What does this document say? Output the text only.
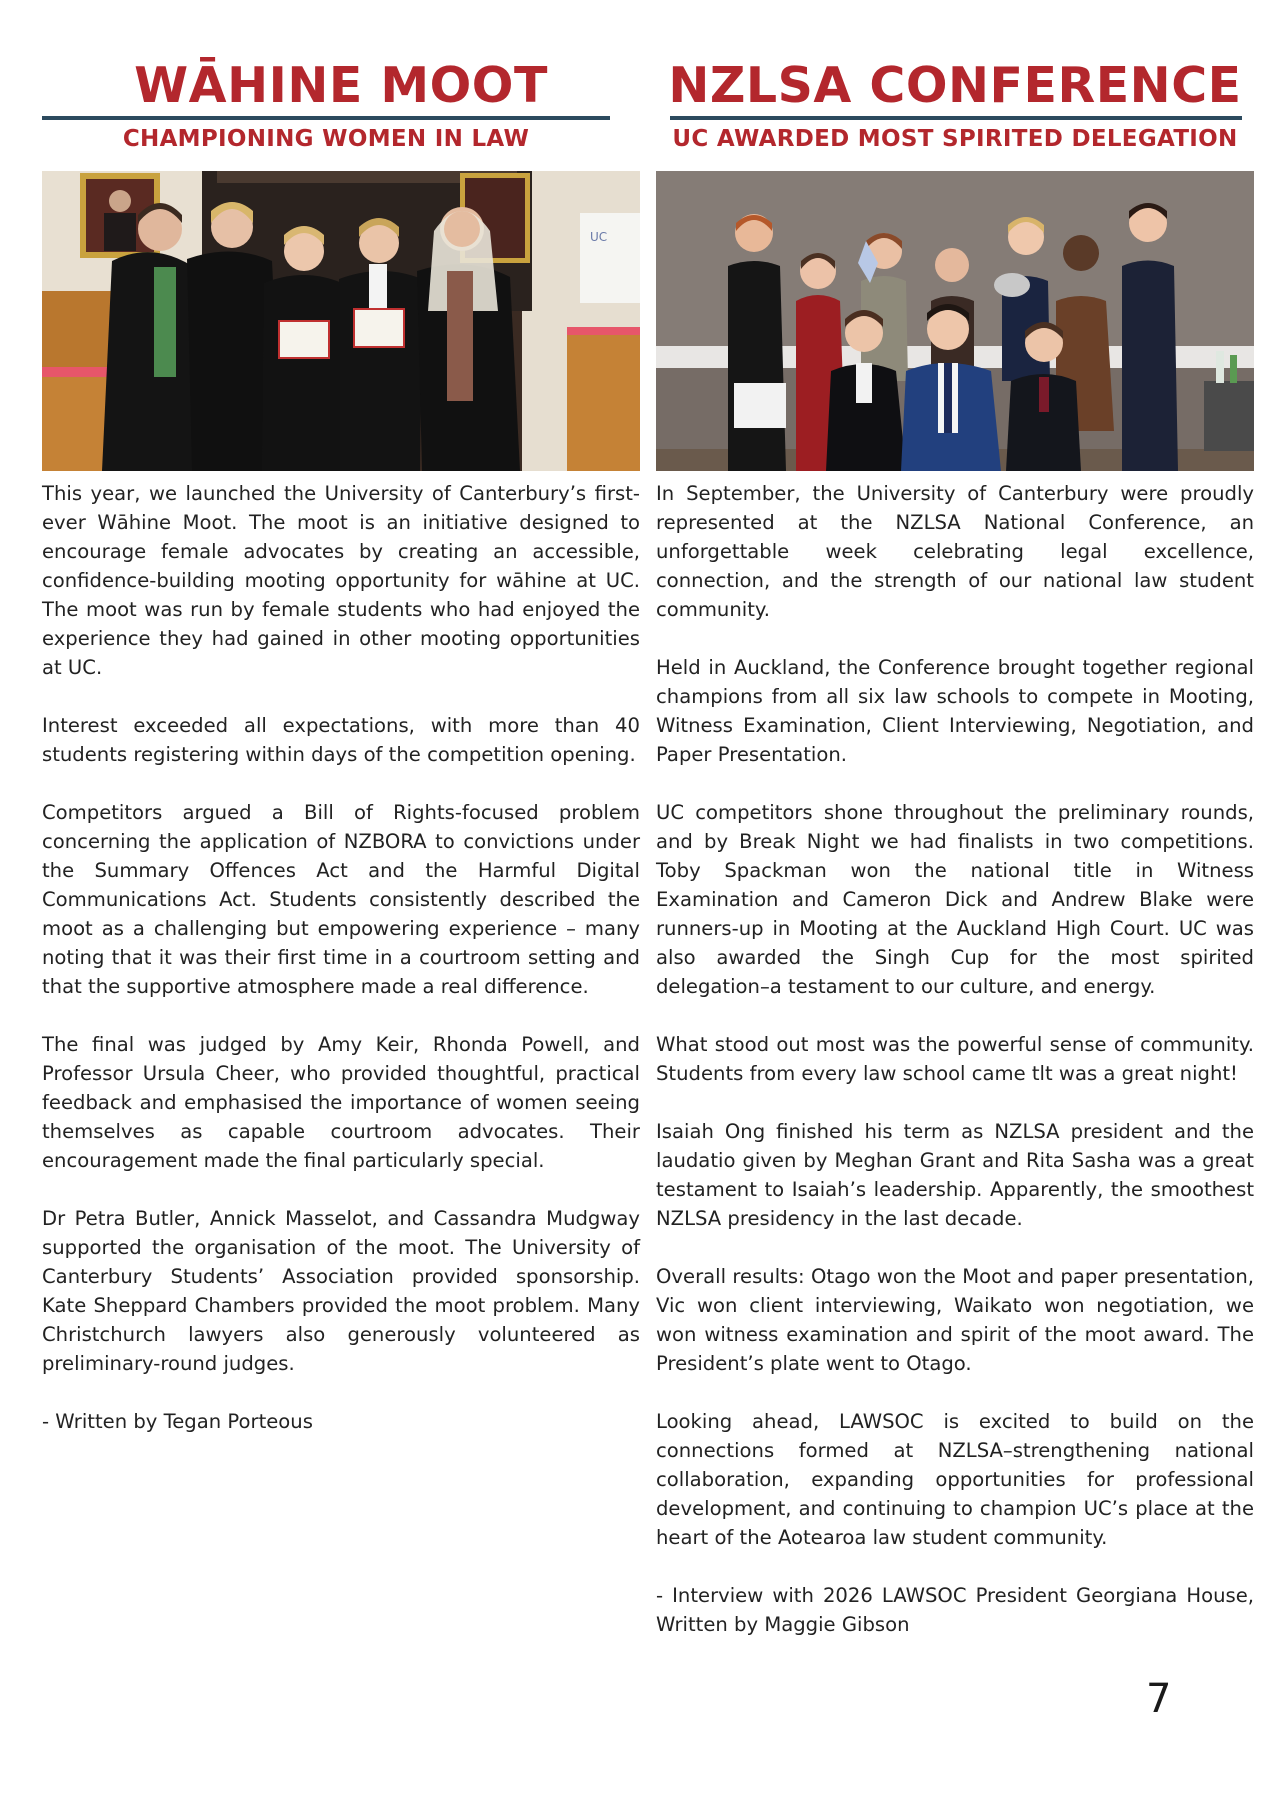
WĀHINE MOOT
CHAMPIONING WOMEN IN LAW
UC

This year, we launched the University of Canterbury’s first-ever Wāhine Moot. The moot is an initiative designed to encourage female advocates by creating an accessible, confidence-building mooting opportunity for wāhine at UC. The moot was run by female students who had enjoyed the experience they had gained in other mooting opportunities at UC.

Interest exceeded all expectations, with more than 40 students registering within days of the competition opening.

Competitors argued a Bill of Rights-focused problem concerning the application of NZBORA to convictions under the Summary Offences Act and the Harmful Digital Communications Act. Students consistently described the moot as a challenging but empowering experience – many noting that it was their first time in a courtroom setting and that the supportive atmosphere made a real difference.

The final was judged by Amy Keir, Rhonda Powell, and Professor Ursula Cheer, who provided thoughtful, practical feedback and emphasised the importance of women seeing themselves as capable courtroom advocates. Their encouragement made the final particularly special.

Dr Petra Butler, Annick Masselot, and Cassandra Mudgway supported the organisation of the moot. The University of Canterbury Students’ Association provided sponsorship. Kate Sheppard Chambers provided the moot problem. Many Christchurch lawyers also generously volunteered as preliminary-round judges.

- Written by Tegan Porteous

NZLSA CONFERENCE
UC AWARDED MOST SPIRITED DELEGATION

In September, the University of Canterbury were proudly represented at the NZLSA National Conference, an unforgettable week celebrating legal excellence, connection, and the strength of our national law student community.

Held in Auckland, the Conference brought together regional champions from all six law schools to compete in Mooting, Witness Examination, Client Interviewing, Negotiation, and Paper Presentation.

UC competitors shone throughout the preliminary rounds, and by Break Night we had finalists in two competitions. Toby Spackman won the national title in Witness Examination and Cameron Dick and Andrew Blake were runners-up in Mooting at the Auckland High Court. UC was also awarded the Singh Cup for the most spirited delegation–a testament to our culture, and energy.

What stood out most was the powerful sense of community. Students from every law school came tlt was a great night!

Isaiah Ong finished his term as NZLSA president and the laudatio given by Meghan Grant and Rita Sasha was a great testament to Isaiah’s leadership. Apparently, the smoothest NZLSA presidency in the last decade.

Overall results: Otago won the Moot and paper presentation, Vic won client interviewing, Waikato won negotiation, we won witness examination and spirit of the moot award. The President’s plate went to Otago.

Looking ahead, LAWSOC is excited to build on the connections formed at NZLSA–strengthening national collaboration, expanding opportunities for professional development, and continuing to champion UC’s place at the heart of the Aotearoa law student community.

- Interview with 2026 LAWSOC President Georgiana House, Written by Maggie Gibson

7
